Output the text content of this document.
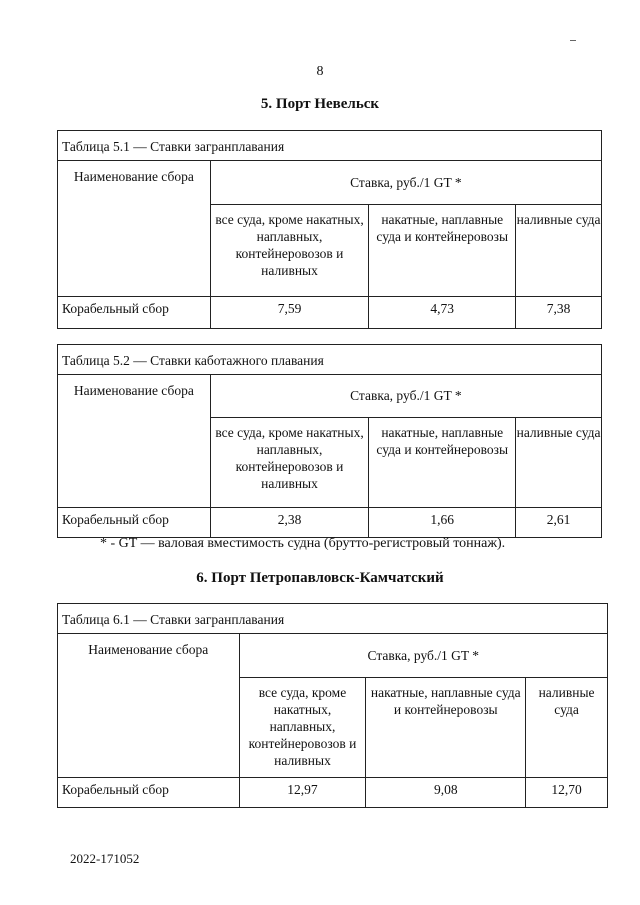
8
5. Порт Невельск
Таблица 5.1 — Ставки загранплавания			
Наименование сбора	Ставка, руб./1 GT *		
	все суда, кроме накатных, наплавных, контейнеровозов и наливных	накатные, наплавные суда и контейнеровозы	наливные суда
Корабельный сбор	7,59	4,73	7,38
Таблица 5.2 — Ставки каботажного плавания			
Наименование сбора	Ставка, руб./1 GT *		
	все суда, кроме накатных, наплавных, контейнеровозов и наливных	накатные, наплавные суда и контейнеровозы	наливные суда
Корабельный сбор	2,38	1,66	2,61
* - GT — валовая вместимость судна (брутто-регистровый тоннаж).
6. Порт Петропавловск-Камчатский
Таблица 6.1 — Ставки загранплавания			
Наименование сбора	Ставка, руб./1 GT *		
	все суда, кроме накатных, наплавных, контейнеровозов и наливных	накатные, наплавные суда и контейнеровозы	наливные суда
Корабельный сбор	12,97	9,08	12,70
2022-171052
